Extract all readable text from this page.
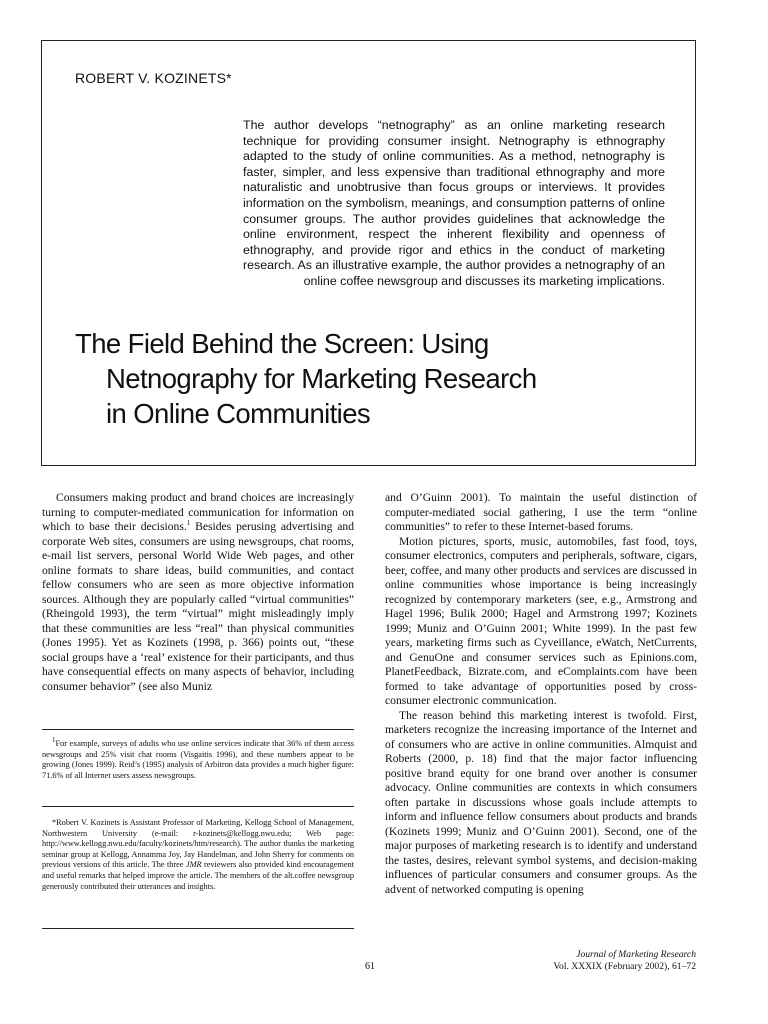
ROBERT V. KOZINETS*

The author develops “netnography” as an online marketing research technique for providing consumer insight. Netnography is ethnography adapted to the study of online communities. As a method, netnography is faster, simpler, and less expensive than traditional ethnography and more naturalistic and unobtrusive than focus groups or interviews. It provides information on the symbolism, meanings, and consumption patterns of online consumer groups. The author provides guidelines that acknowledge the online environment, respect the inherent flexibility and openness of ethnography, and provide rigor and ethics in the conduct of marketing research. As an illustrative example, the author provides a netnography of an online coffee newsgroup and discusses its marketing implications.

The Field Behind the Screen: Using
Netnography for Marketing Research
in Online Communities

Consumers making product and brand choices are increasingly turning to computer-mediated communication for information on which to base their decisions.$^1$ Besides perusing advertising and corporate Web sites, consumers are using newsgroups, chat rooms, e-mail list servers, personal World Wide Web pages, and other online formats to share ideas, build communities, and contact fellow consumers who are seen as more objective information sources. Although they are popularly called “virtual communities” (Rheingold 1993), the term “virtual” might misleadingly imply that these communities are less “real” than physical communities (Jones 1995). Yet as Kozinets (1998, p. 366) points out, “these social groups have a ‘real’ existence for their participants, and thus have consequential effects on many aspects of behavior, including consumer behavior” (see also Muniz

$^1$For example, surveys of adults who use online services indicate that 36% of them access newsgroups and 25% visit chat rooms (Visgaitis 1996), and these numbers appear to be growing (Jones 1999). Reid’s (1995) analysis of Arbitron data provides a much higher figure: 71.6% of all Internet users assess newsgroups.

*Robert V. Kozinets is Assistant Professor of Marketing, Kellogg School of Management, Northwestern University (e-mail: r-kozinets@kellogg.nwu.edu; Web page: http://www.kellogg.nwu.edu/faculty/kozinets/htm/research). The author thanks the marketing seminar group at Kellogg, Annamma Joy, Jay Handelman, and John Sherry for comments on previous versions of this article. The three JMR reviewers also provided kind encouragement and useful remarks that helped improve the article. The members of the alt.coffee newsgroup generously contributed their utterances and insights.

and O’Guinn 2001). To maintain the useful distinction of computer-mediated social gathering, I use the term “online communities” to refer to these Internet-based forums.

Motion pictures, sports, music, automobiles, fast food, toys, consumer electronics, computers and peripherals, software, cigars, beer, coffee, and many other products and services are discussed in online communities whose importance is being increasingly recognized by contemporary marketers (see, e.g., Armstrong and Hagel 1996; Bulik 2000; Hagel and Armstrong 1997; Kozinets 1999; Muniz and O’Guinn 2001; White 1999). In the past few years, marketing firms such as Cyveillance, eWatch, NetCurrents, and GenuOne and consumer services such as Epinions.com, PlanetFeedback, Bizrate.com, and eComplaints.com have been formed to take advantage of opportunities posed by cross-consumer electronic communication.

The reason behind this marketing interest is twofold. First, marketers recognize the increasing importance of the Internet and of consumers who are active in online communities. Almquist and Roberts (2000, p. 18) find that the major factor influencing positive brand equity for one brand over another is consumer advocacy. Online communities are contexts in which consumers often partake in discussions whose goals include attempts to inform and influence fellow consumers about products and brands (Kozinets 1999; Muniz and O’Guinn 2001). Second, one of the major purposes of marketing research is to identify and understand the tastes, desires, relevant symbol systems, and decision-making influences of particular consumers and consumer groups. As the advent of networked computing is opening

61
Journal of Marketing Research
Vol. XXXIX (February 2002), 61–72
